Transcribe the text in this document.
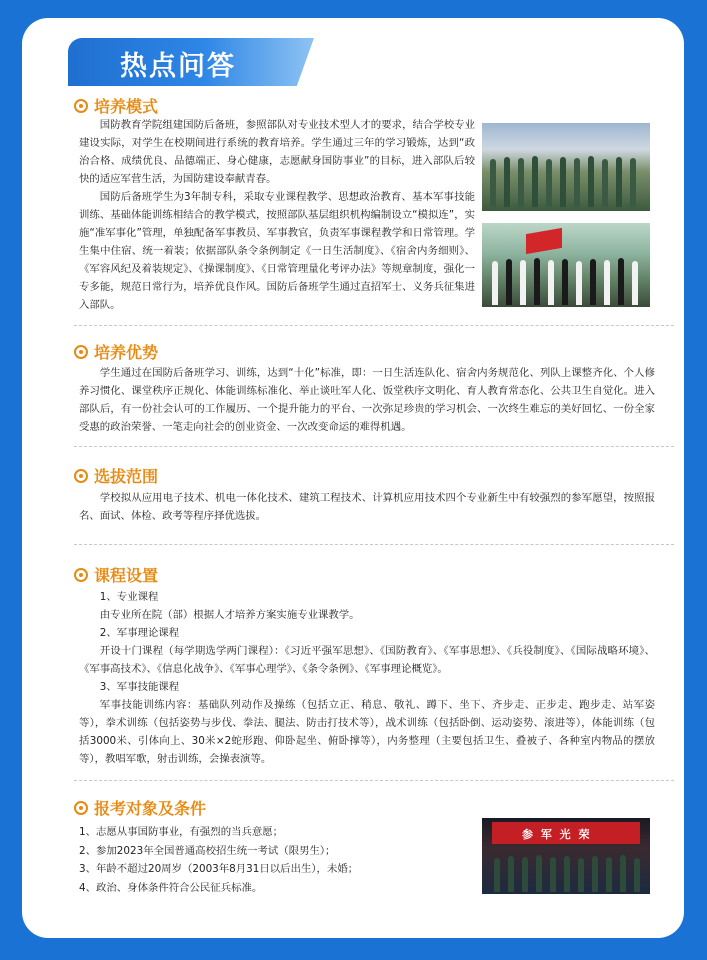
热点问答
培养模式

国防教育学院组建国防后备班，参照部队对专业技术型人才的要求，结合学校专业建设实际，对学生在校期间进行系统的教育培养。学生通过三年的学习锻炼，达到“政治合格、成绩优良、品德端正、身心健康，志愿献身国防事业”的目标，进入部队后较快的适应军营生活，为国防建设奉献青春。

国防后备班学生为3年制专科，采取专业课程教学、思想政治教育、基本军事技能训练、基础体能训练相结合的教学模式，按照部队基层组织机构编制设立“模拟连”，实施“准军事化”管理，单独配备军事教员、军事教官，负责军事课程教学和日常管理。学生集中住宿、统一着装；依据部队条令条例制定《一日生活制度》、《宿舍内务细则》、《军容风纪及着装规定》、《操课制度》、《日常管理量化考评办法》等规章制度，强化一专多能，规范日常行为，培养优良作风。国防后备班学生通过直招军士、义务兵征集进入部队。

培养优势

学生通过在国防后备班学习、训练，达到“十化”标准，即：一日生活连队化、宿舍内务规范化、列队上课整齐化、个人修养习惯化、课堂秩序正规化、体能训练标准化、举止谈吐军人化、饭堂秩序文明化、育人教育常态化、公共卫生自觉化。进入部队后，有一份社会认可的工作履历、一个提升能力的平台、一次弥足珍贵的学习机会、一次终生难忘的美好回忆、一份全家受惠的政治荣誉、一笔走向社会的创业资金、一次改变命运的难得机遇。

选拔范围

学校拟从应用电子技术、机电一体化技术、建筑工程技术、计算机应用技术四个专业新生中有较强烈的参军愿望，按照报名、面试、体检、政考等程序择优选拔。

课程设置

1、专业课程

由专业所在院（部）根据人才培养方案实施专业课教学。

2、军事理论课程

开设十门课程（每学期选学两门课程）：《习近平强军思想》、《国防教育》、《军事思想》、《兵役制度》、《国际战略环境》、《军事高技术》、《信息化战争》、《军事心理学》、《条令条例》、《军事理论概览》。

3、军事技能课程

军事技能训练内容：基础队列动作及操练（包括立正、稍息、敬礼、蹲下、坐下、齐步走、正步走、跑步走、站军姿等），拳术训练（包括姿势与步伐、拳法、腿法、防击打技术等），战术训练（包括卧倒、运动姿势、滚进等），体能训练（包括3000米、引体向上、30米×2蛇形跑、仰卧起坐、俯卧撑等），内务整理（主要包括卫生、叠被子、各种室内物品的摆放等），教唱军歌，射击训练，会操表演等。

报考对象及条件
1、志愿从事国防事业，有强烈的当兵意愿；
2、参加2023年全国普通高校招生统一考试（限男生）；
3、年龄不超过20周岁（2003年8月31日以后出生），未婚；
4、政治、身体条件符合公民征兵标准。
参 军 光 荣
